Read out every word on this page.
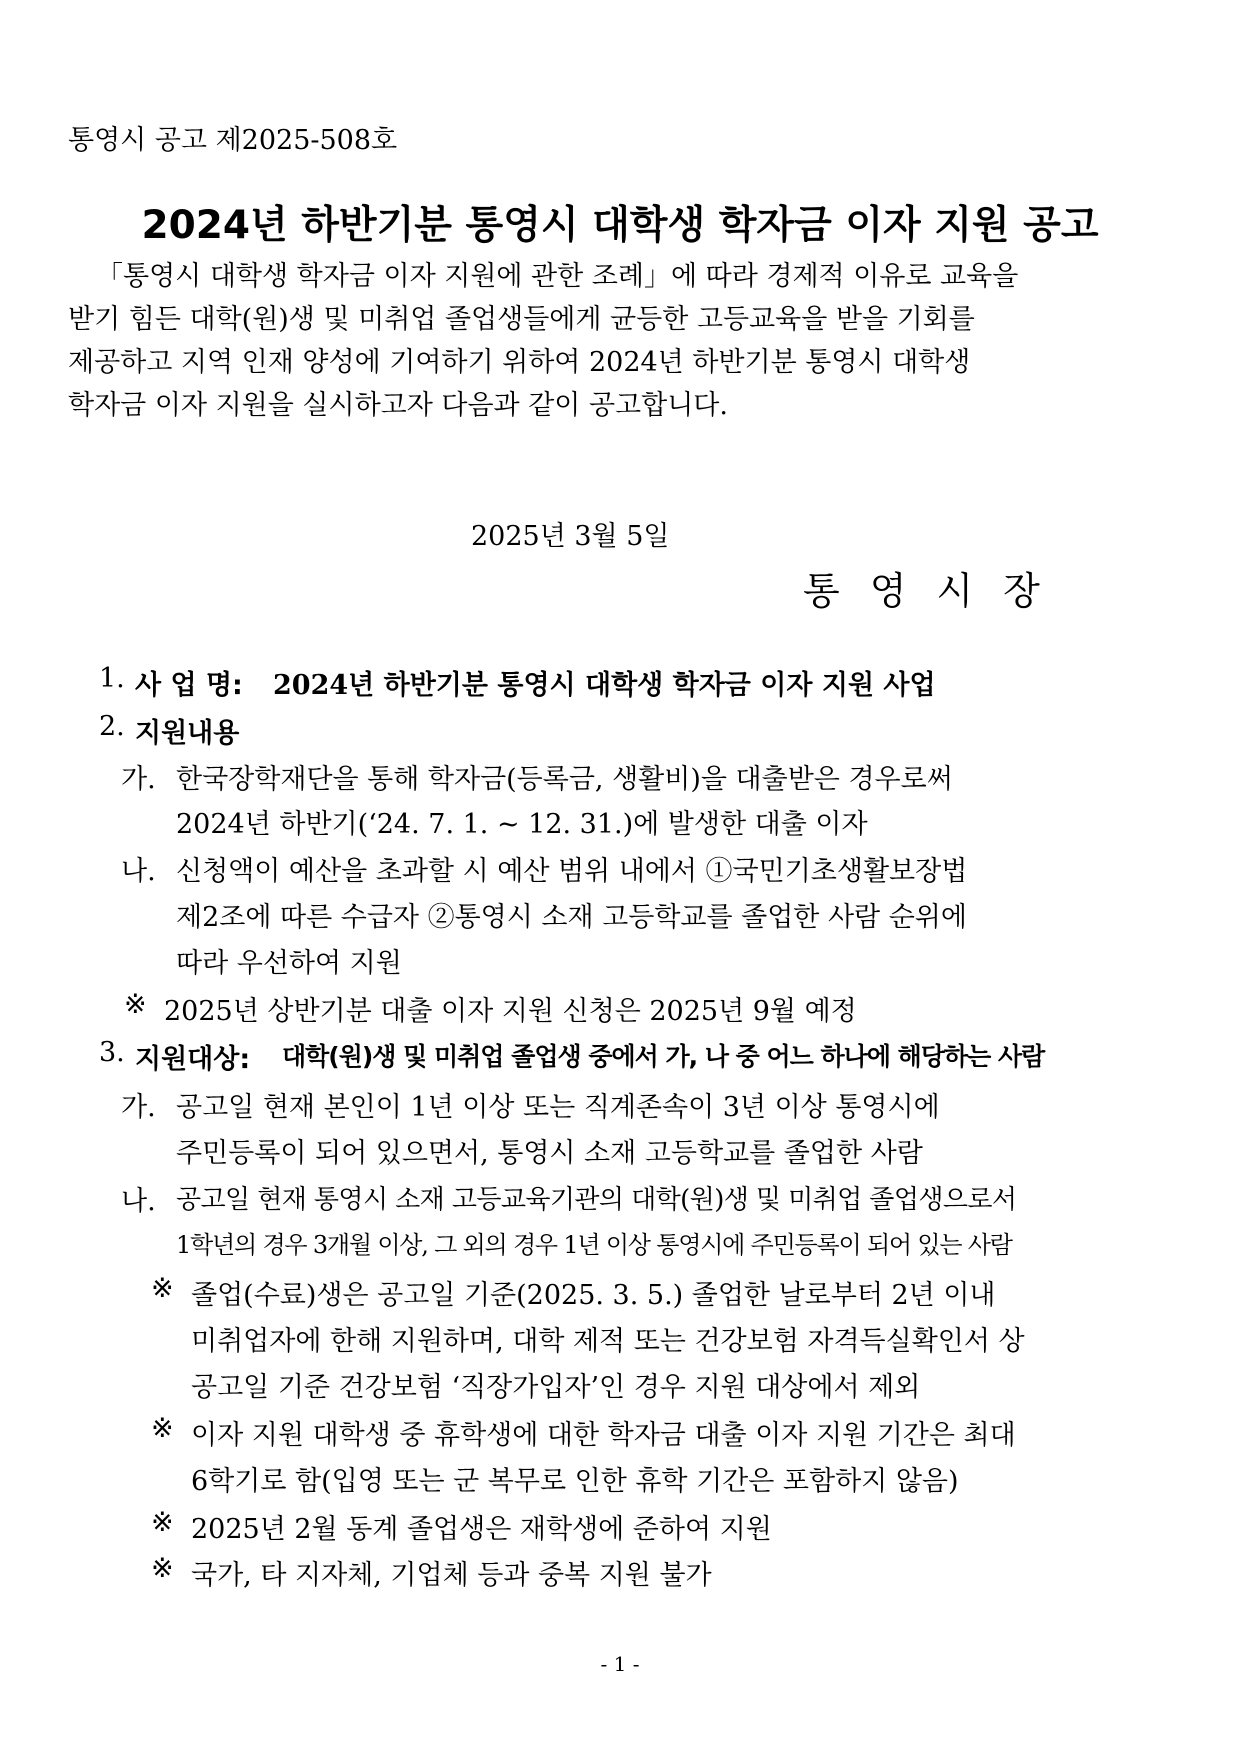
통영시 공고 제2025-508호
2024년 하반기분 통영시 대학생 학자금 이자 지원 공고
「통영시 대학생 학자금 이자 지원에 관한 조례」에 따라 경제적 이유로 교육을
받기 힘든 대학(원)생 및 미취업 졸업생들에게 균등한 고등교육을 받을 기회를
제공하고 지역 인재 양성에 기여하기 위하여 2024년 하반기분 통영시 대학생
학자금 이자 지원을 실시하고자 다음과 같이 공고합니다.
2025년 3월 5일
통영시장
1. 사 업 명: 2024년 하반기분 통영시 대학생 학자금 이자 지원 사업
2. 지원내용
가. 한국장학재단을 통해 학자금(등록금, 생활비)을 대출받은 경우로써
2024년 하반기(‘24. 7. 1. ~ 12. 31.)에 발생한 대출 이자
나. 신청액이 예산을 초과할 시 예산 범위 내에서 ①국민기초생활보장법
제2조에 따른 수급자 ②통영시 소재 고등학교를 졸업한 사람 순위에
따라 우선하여 지원
※ 2025년 상반기분 대출 이자 지원 신청은 2025년 9월 예정
3. 지원대상: 대학(원)생 및 미취업 졸업생 중에서 가, 나 중 어느 하나에 해당하는 사람
가. 공고일 현재 본인이 1년 이상 또는 직계존속이 3년 이상 통영시에
주민등록이 되어 있으면서, 통영시 소재 고등학교를 졸업한 사람
나. 공고일 현재 통영시 소재 고등교육기관의 대학(원)생 및 미취업 졸업생으로서
1학년의 경우 3개월 이상, 그 외의 경우 1년 이상 통영시에 주민등록이 되어 있는 사람
※ 졸업(수료)생은 공고일 기준(2025. 3. 5.) 졸업한 날로부터 2년 이내
미취업자에 한해 지원하며, 대학 제적 또는 건강보험 자격득실확인서 상
공고일 기준 건강보험 ‘직장가입자’인 경우 지원 대상에서 제외
※ 이자 지원 대학생 중 휴학생에 대한 학자금 대출 이자 지원 기간은 최대
6학기로 함(입영 또는 군 복무로 인한 휴학 기간은 포함하지 않음)
※ 2025년 2월 동계 졸업생은 재학생에 준하여 지원
※ 국가, 타 지자체, 기업체 등과 중복 지원 불가
- 1 -
